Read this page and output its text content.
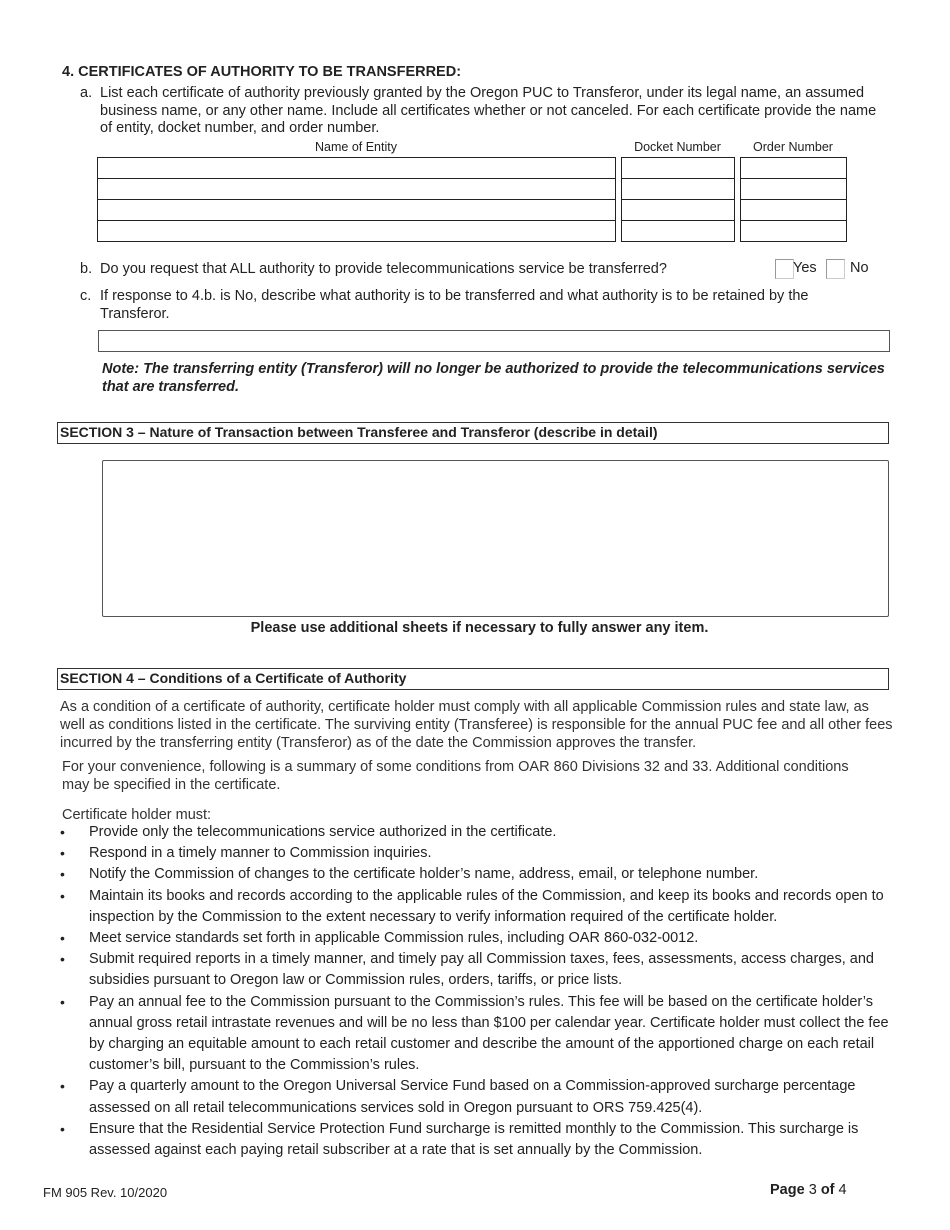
4. CERTIFICATES OF AUTHORITY TO BE TRANSFERRED:
a. List each certificate of authority previously granted by the Oregon PUC to Transferor, under its legal name, an assumed business name, or any other name. Include all certificates whether or not canceled. For each certificate provide the name of entity, docket number, and order number.
Name of Entity	Docket Number	Order Number
b. Do you request that ALL authority to provide telecommunications service be transferred?	Yes No
c. If response to 4.b. is No, describe what authority is to be transferred and what authority is to be retained by the Transferor.
Note: The transferring entity (Transferor) will no longer be authorized to provide the telecommunications services that are transferred.
SECTION 3 – Nature of Transaction between Transferee and Transferor (describe in detail)
Please use additional sheets if necessary to fully answer any item.
SECTION 4 – Conditions of a Certificate of Authority
As a condition of a certificate of authority, certificate holder must comply with all applicable Commission rules and state law, as well as conditions listed in the certificate. The surviving entity (Transferee) is responsible for the annual PUC fee and all other fees incurred by the transferring entity (Transferor) as of the date the Commission approves the transfer.
For your convenience, following is a summary of some conditions from OAR 860 Divisions 32 and 33. Additional conditions may be specified in the certificate.
Certificate holder must:
• Provide only the telecommunications service authorized in the certificate.
• Respond in a timely manner to Commission inquiries.
• Notify the Commission of changes to the certificate holder’s name, address, email, or telephone number.
• Maintain its books and records according to the applicable rules of the Commission, and keep its books and records open to inspection by the Commission to the extent necessary to verify information required of the certificate holder.
• Meet service standards set forth in applicable Commission rules, including OAR 860-032-0012.
• Submit required reports in a timely manner, and timely pay all Commission taxes, fees, assessments, access charges, and subsidies pursuant to Oregon law or Commission rules, orders, tariffs, or price lists.
• Pay an annual fee to the Commission pursuant to the Commission’s rules. This fee will be based on the certificate holder’s annual gross retail intrastate revenues and will be no less than $100 per calendar year. Certificate holder must collect the fee by charging an equitable amount to each retail customer and describe the amount of the apportioned charge on each retail customer’s bill, pursuant to the Commission’s rules.
• Pay a quarterly amount to the Oregon Universal Service Fund based on a Commission-approved surcharge percentage assessed on all retail telecommunications services sold in Oregon pursuant to ORS 759.425(4).
• Ensure that the Residential Service Protection Fund surcharge is remitted monthly to the Commission. This surcharge is assessed against each paying retail subscriber at a rate that is set annually by the Commission.
FM 905 Rev. 10/2020	Page 3 of 4
